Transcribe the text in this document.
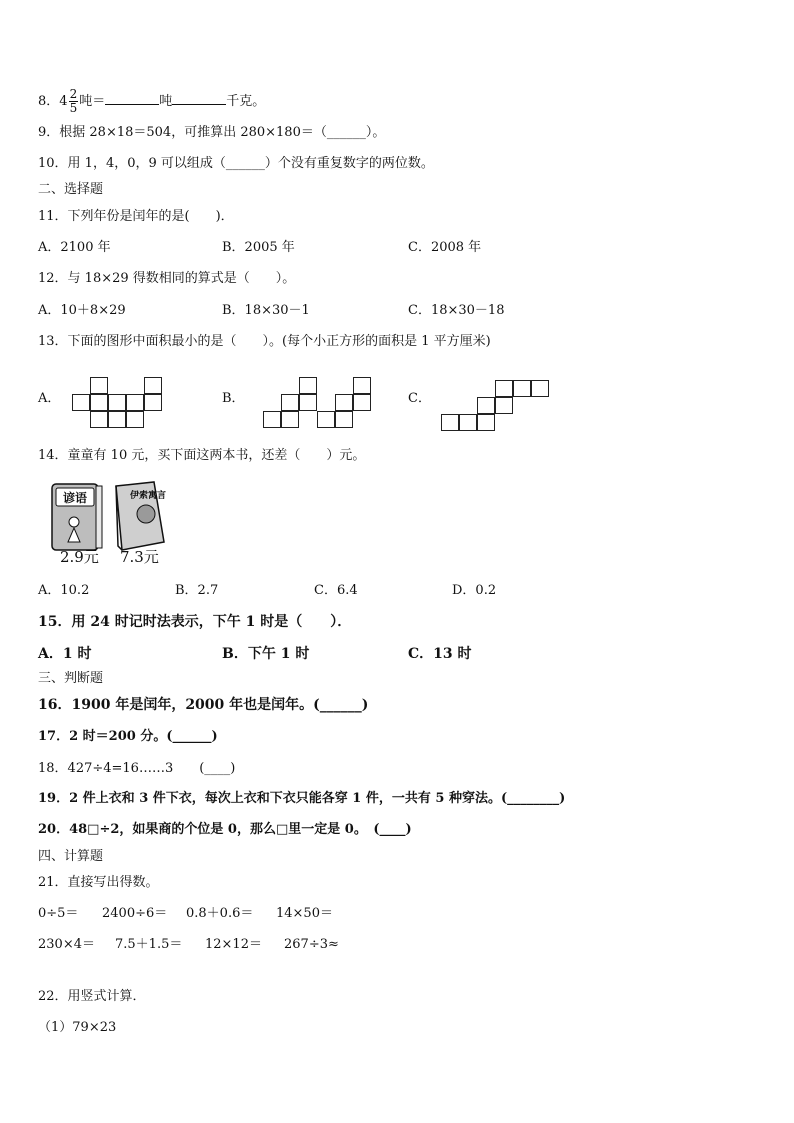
8．$4 \frac{2}{5}$ 吨＝	吨	千克。
9．根据 28×18＝504，可推算出 280×180＝（______）。
10．用 1，4，0，9 可以组成（______）个没有重复数字的两位数。
二、选择题
11．下列年份是闰年的是(　　)．
A．2100 年	B．2005 年	C．2008 年
12．与 18×29 得数相同的算式是（　　）。
A．10＋8×29	B．18×30－1	C．18×30－18
13．下面的图形中面积最小的是（　　）。(每个小正方形的面积是 1 平方厘米)
A．	B．	C．
14．童童有 10 元，买下面这两本书，还差（　　）元。
谚语
2.9元
伊索寓言
7.3元
A．10.2	B．2.7	C．6.4	D．0.2
15．用 24 时记时法表示，下午 1 时是（　　）．
A．1 时	B．下午 1 时	C．13 时
三、判断题
16．1900 年是闰年，2000 年也是闰年。(______)
17．2 时＝200 分。(______)
18．427÷4=16……3　　(____)
19．2 件上衣和 3 件下衣，每次上衣和下衣只能各穿 1 件，一共有 5 种穿法。(________)
20．48□÷2，如果商的个位是 0，那么□里一定是 0。　(____)
四、计算题
21．直接写出得数。
0÷5＝ 2400÷6＝ 0.8＋0.6＝ 14×50＝
230×4＝ 7.5＋1.5＝ 12×12＝ 267÷3≈
22．用竖式计算．
（1）79×23
